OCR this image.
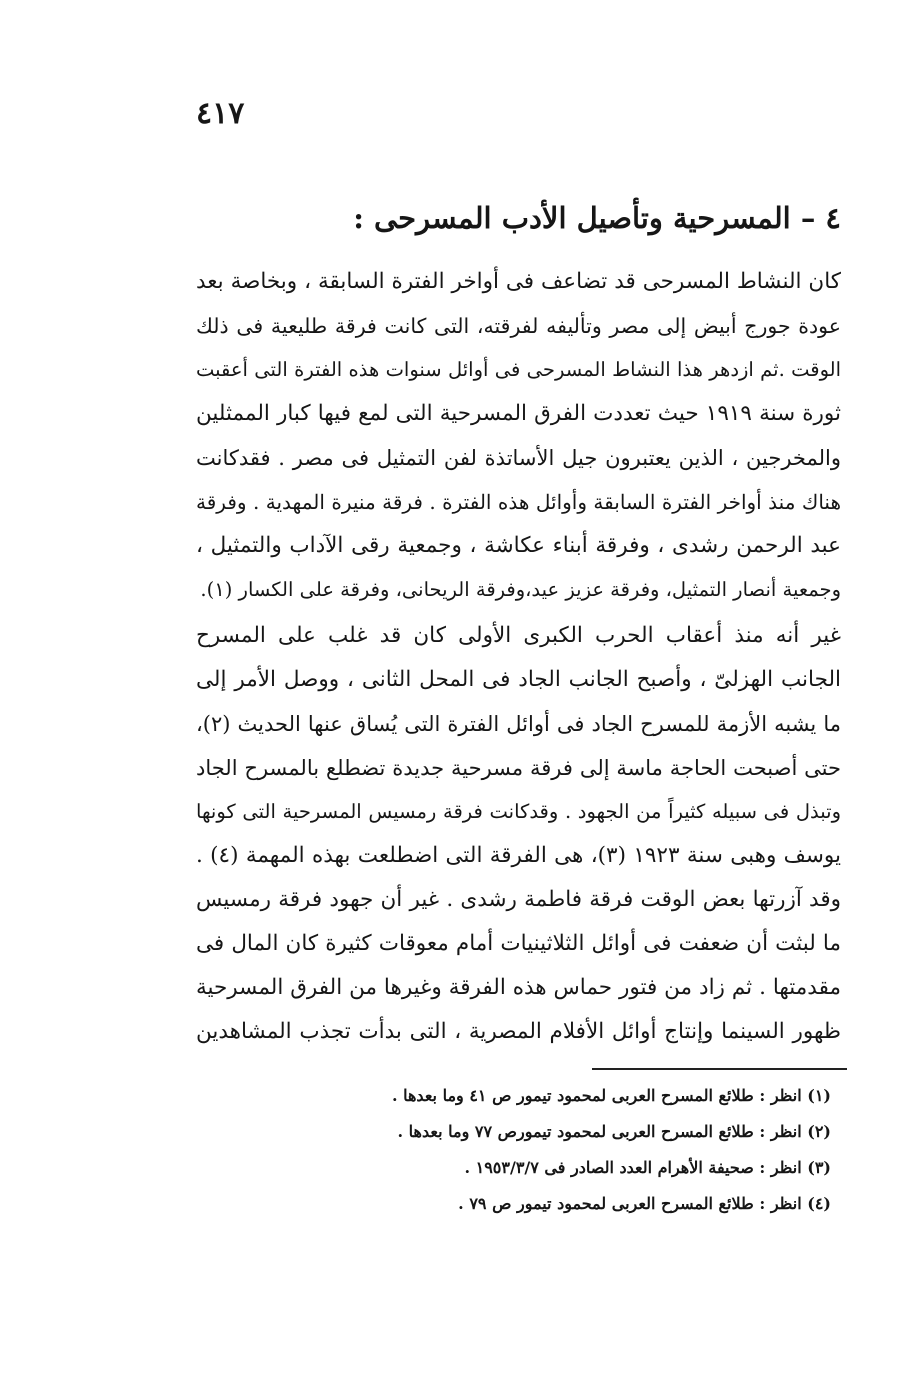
٤١٧
٤ – المسرحية وتأصيل الأدب المسرحى :
كان النشاط المسرحى قد تضاعف فى أواخر الفترة السابقة ، وبخاصة بعد
عودة جورج أبيض إلى مصر وتأليفه لفرقته، التى كانت فرقة طليعية فى ذلك
الوقت .ثم ازدهر هذا النشاط المسرحى فى أوائل سنوات هذه الفترة التى أعقبت
ثورة سنة ١٩١٩ حيث تعددت الفرق المسرحية التى لمع فيها كبار الممثلين
والمخرجين ، الذين يعتبرون جيل الأساتذة لفن التمثيل فى مصر . فقدكانت
هناك منذ أواخر الفترة السابقة وأوائل هذه الفترة . فرقة منيرة المهدية . وفرقة
عبد الرحمن رشدى ، وفرقة أبناء عكاشة ، وجمعية رقى الآداب والتمثيل ،
وجمعية أنصار التمثيل، وفرقة عزيز عيد،وفرقة الريحانى، وفرقة على الكسار (١).
غير أنه منذ أعقاب الحرب الكبرى الأولى كان قد غلب على المسرح
الجانب الهزلىّ ، وأصبح الجانب الجاد فى المحل الثانى ، ووصل الأمر إلى
ما يشبه الأزمة للمسرح الجاد فى أوائل الفترة التى يُساق عنها الحديث (٢)،
حتى أصبحت الحاجة ماسة إلى فرقة مسرحية جديدة تضطلع بالمسرح الجاد
وتبذل فى سبيله كثيراً من الجهود . وقدكانت فرقة رمسيس المسرحية التى كونها
يوسف وهبى سنة ١٩٢٣ (٣)، هى الفرقة التى اضطلعت بهذه المهمة (٤) .
وقد آزرتها بعض الوقت فرقة فاطمة رشدى . غير أن جهود فرقة رمسيس
ما لبثت أن ضعفت فى أوائل الثلاثينيات أمام معوقات كثيرة كان المال فى
مقدمتها . ثم زاد من فتور حماس هذه الفرقة وغيرها من الفرق المسرحية
ظهور السينما وإنتاج أوائل الأفلام المصرية ، التى بدأت تجذب المشاهدين
(١) انظر : طلائع المسرح العربى لمحمود تيمور ص ٤١ وما بعدها .
(٢) انظر : طلائع المسرح العربى لمحمود تيمورص ٧٧ وما بعدها .
(٣) انظر : صحيفة الأهرام العدد الصادر فى ١٩٥٣/٣/٧ .
(٤) انظر : طلائع المسرح العربى لمحمود تيمور ص ٧٩ .
